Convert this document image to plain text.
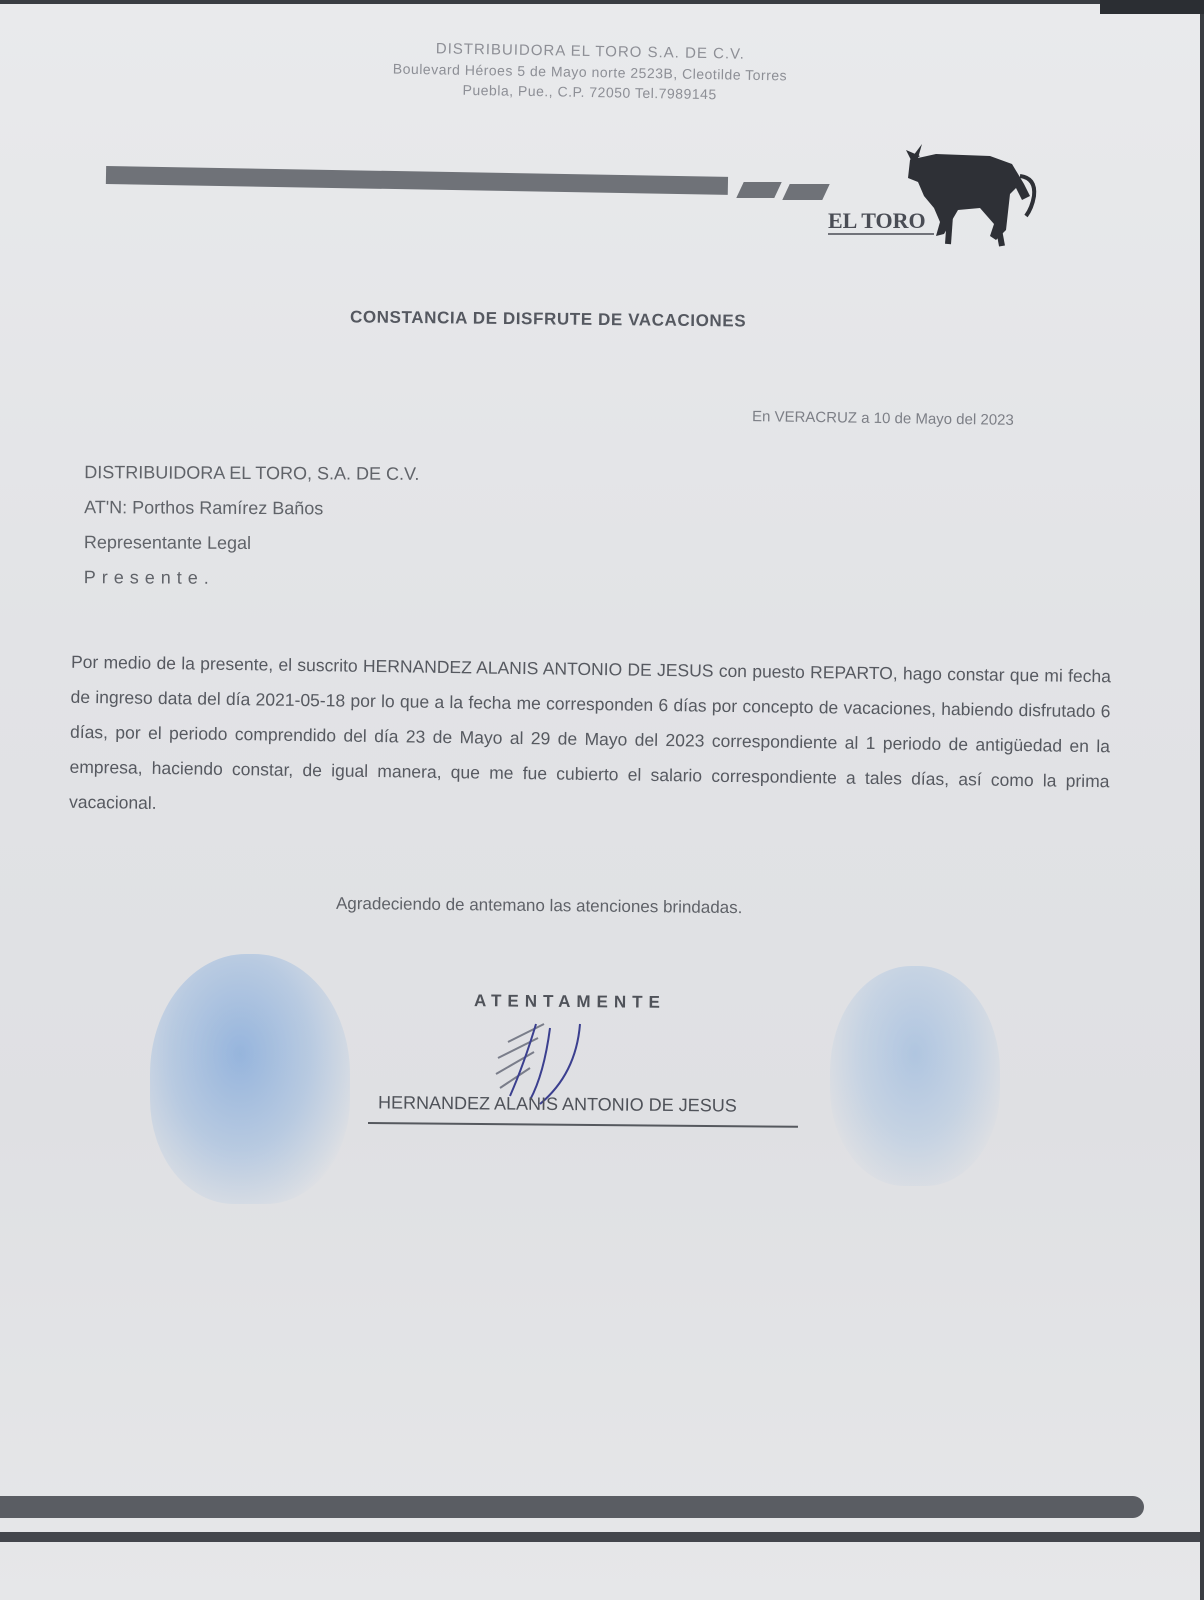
DISTRIBUIDORA EL TORO S.A. DE C.V.
Boulevard Héroes 5 de Mayo norte 2523B, Cleotilde Torres
Puebla, Pue., C.P. 72050 Tel.7989145
EL TORO
CONSTANCIA DE DISFRUTE DE VACACIONES
En VERACRUZ a 10 de Mayo del 2023
DISTRIBUIDORA EL TORO, S.A. DE C.V.
AT'N: Porthos Ramírez Baños
Representante Legal
Presente.
Por medio de la presente, el suscrito HERNANDEZ ALANIS ANTONIO DE JESUS con puesto REPARTO, hago constar que mi fecha de ingreso data del día 2021-05-18 por lo que a la fecha me corresponden 6 días por concepto de vacaciones, habiendo disfrutado 6 días, por el periodo comprendido del día 23 de Mayo al 29 de Mayo del 2023 correspondiente al 1 periodo de antigüedad en la empresa, haciendo constar, de igual manera, que me fue cubierto el salario correspondiente a tales días, así como la prima vacacional.
Agradeciendo de antemano las atenciones brindadas.
ATENTAMENTE
HERNANDEZ ALANIS ANTONIO DE JESUS
